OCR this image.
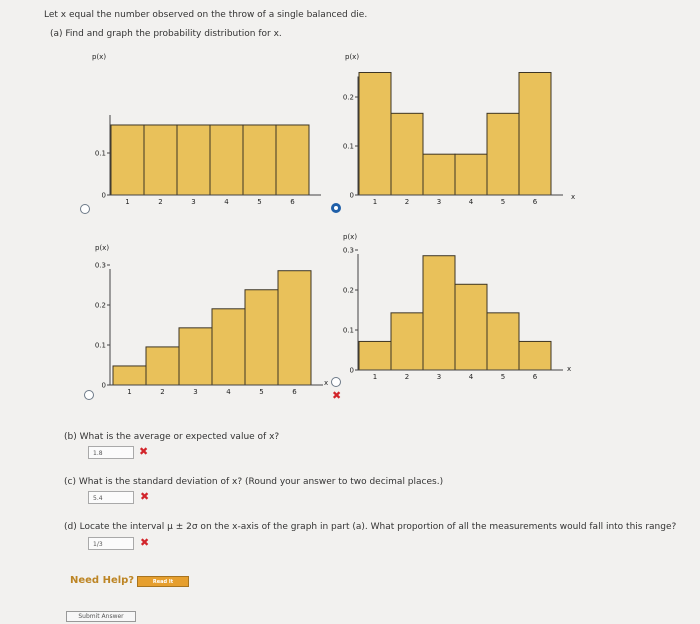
Let x equal the number observed on the throw of a single balanced die.
(a) Find and graph the probability distribution for x.
p(x)
0
0.1
1	2	3	4	5	6
p(x)
0
0.1
0.2
1	2	3	4	5	6
x
p(x)
0
0.1
0.2
0.3
1	2	3	4	5	6
x
p(x)
0
0.1
0.2
0.3
1	2	3	4	5	6
x
✖
(b) What is the average or expected value of x?
1.8	✖
(c) What is the standard deviation of x? (Round your answer to two decimal places.)
5.4	✖
(d) Locate the interval μ ± 2σ on the x-axis of the graph in part (a). What proportion of all the measurements would fall into this range?
1/3	✖
Need Help?	Read It
Submit Answer
